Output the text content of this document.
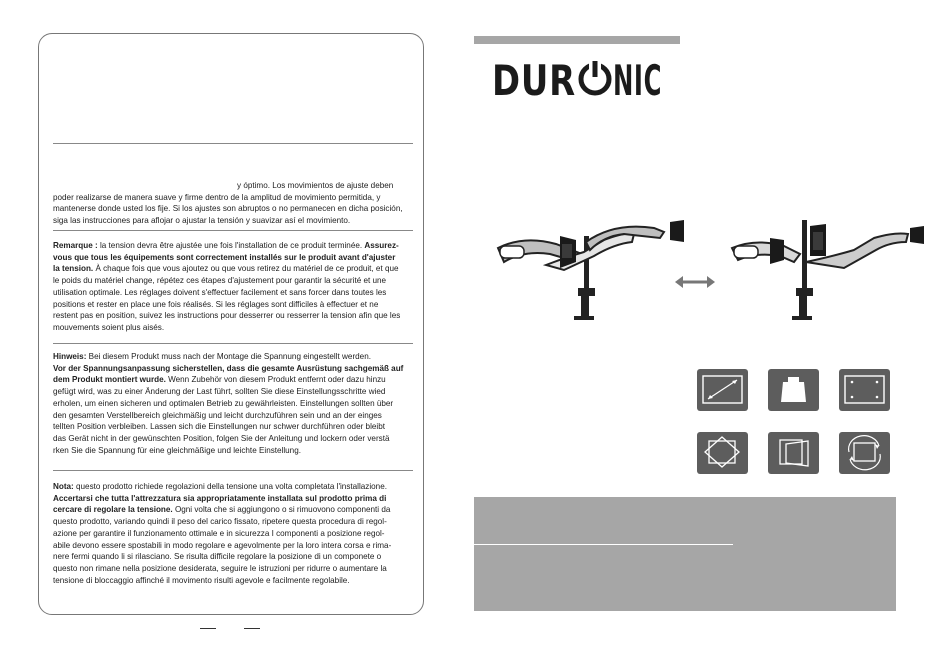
y óptimo. Los movimientos de ajuste deben

poder realizarse de manera suave y firme dentro de la amplitud de movimiento permitida, y

mantenerse donde usted los fije. Si los ajustes son abruptos o no permanecen en dicha posición,

siga las instrucciones para aflojar o ajustar la tensión y suavizar así el movimiento.

Remarque : la tension devra être ajustée une fois l'installation de ce produit terminée. Assurez-

vous que tous les équipements sont correctement installés sur le produit avant d'ajuster

la tension. À chaque fois que vous ajoutez ou que vous retirez du matériel de ce produit, et que

le poids du matériel change, répétez ces étapes d'ajustement pour garantir la sécurité et une

utilisation optimale. Les réglages doivent s'effectuer facilement et sans forcer dans toutes les

positions et rester en place une fois réalisés. Si les réglages sont difficiles à effectuer et ne

restent pas en position, suivez les instructions pour desserrer ou resserrer la tension afin que les

mouvements soient plus aisés.

Hinweis: Bei diesem Produkt muss nach der Montage die Spannung eingestellt werden.

Vor der Spannungsanpassung sicherstellen, dass die gesamte Ausrüstung sachgemäß auf

dem Produkt montiert wurde. Wenn Zubehör von diesem Produkt entfernt oder dazu hinzu

gefügt wird, was zu einer Änderung der Last führt, sollten Sie diese Einstellungsschritte wied

erholen, um einen sicheren und optimalen Betrieb zu gewährleisten. Einstellungen sollten über

den gesamten Verstellbereich gleichmäßig und leicht durchzuführen sein und an der einges

tellten Position verbleiben. Lassen sich die Einstellungen nur schwer durchführen oder bleibt

das Gerät nicht in der gewünschten Position, folgen Sie der Anleitung und lockern oder verstä

rken Sie die Spannung für eine gleichmäßige und leichte Einstellung.

Nota: questo prodotto richiede regolazioni della tensione una volta completata l'installazione.

Accertarsi che tutta l'attrezzatura sia appropriatamente installata sul prodotto prima di

cercare di regolare la tensione. Ogni volta che si aggiungono o si rimuovono componenti da

questo prodotto, variando quindi il peso del carico fissato, ripetere questa procedura di regol-

azione per garantire il funzionamento ottimale e in sicurezza I componenti a posizione regol-

abile devono essere spostabili in modo regolare e agevolmente per la loro intera corsa e rima-

nere fermi quando li si rilasciano. Se risulta difficile regolare la posizione di un componete o

questo non rimane nella posizione desiderata, seguire le istruzioni per ridurre o aumentare la

tensione di bloccaggio affinché il movimento risulti agevole e facilmente regolabile.

DUR NIC
